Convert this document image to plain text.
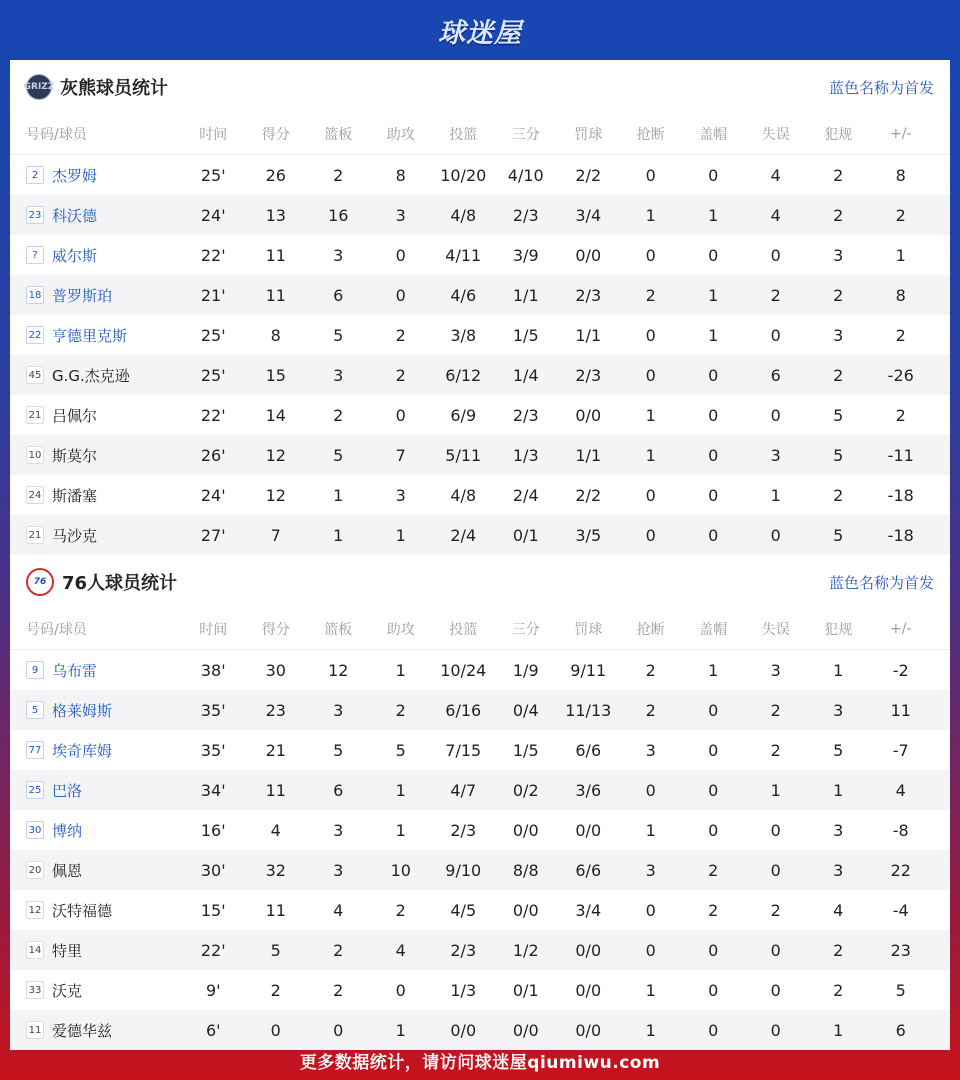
球迷屋
GRIZZ 灰熊球员统计	蓝色名称为首发
号码/球员	时间	得分	篮板	助攻	投篮	三分	罚球	抢断	盖帽	失误	犯规	+/-
2 杰罗姆	25'	26	2	8	10/20	4/10	2/2	0	0	4	2	8
23 科沃德	24'	13	16	3	4/8	2/3	3/4	1	1	4	2	2
? 威尔斯	22'	11	3	0	4/11	3/9	0/0	0	0	0	3	1
18 普罗斯珀	21'	11	6	0	4/6	1/1	2/3	2	1	2	2	8
22 亨德里克斯	25'	8	5	2	3/8	1/5	1/1	0	1	0	3	2
45 G.G.杰克逊	25'	15	3	2	6/12	1/4	2/3	0	0	6	2	-26
21 吕佩尔	22'	14	2	0	6/9	2/3	0/0	1	0	0	5	2
10 斯莫尔	26'	12	5	7	5/11	1/3	1/1	1	0	3	5	-11
24 斯潘塞	24'	12	1	3	4/8	2/4	2/2	0	0	1	2	-18
21 马沙克	27'	7	1	1	2/4	0/1	3/5	0	0	0	5	-18
76 76人球员统计	蓝色名称为首发
号码/球员	时间	得分	篮板	助攻	投篮	三分	罚球	抢断	盖帽	失误	犯规	+/-
9 乌布雷	38'	30	12	1	10/24	1/9	9/11	2	1	3	1	-2
5 格莱姆斯	35'	23	3	2	6/16	0/4	11/13	2	0	2	3	11
77 埃奇库姆	35'	21	5	5	7/15	1/5	6/6	3	0	2	5	-7
25 巴洛	34'	11	6	1	4/7	0/2	3/6	0	0	1	1	4
30 博纳	16'	4	3	1	2/3	0/0	0/0	1	0	0	3	-8
20 佩恩	30'	32	3	10	9/10	8/8	6/6	3	2	0	3	22
12 沃特福德	15'	11	4	2	4/5	0/0	3/4	0	2	2	4	-4
14 特里	22'	5	2	4	2/3	1/2	0/0	0	0	0	2	23
33 沃克	9'	2	2	0	1/3	0/1	0/0	1	0	0	2	5
11 爱德华兹	6'	0	0	1	0/0	0/0	0/0	1	0	0	1	6
更多数据统计，请访问球迷屋qiumiwu.com
